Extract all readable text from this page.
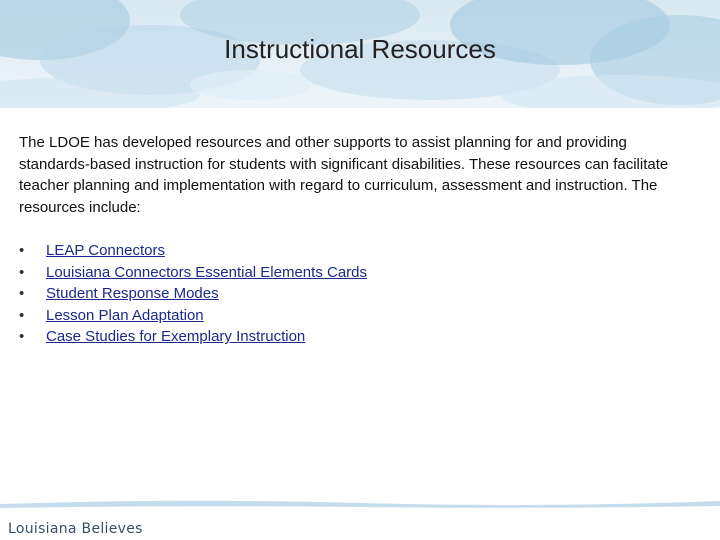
Instructional Resources

The LDOE has developed resources and other supports to assist planning for and providing standards-based instruction for students with significant disabilities. These resources can facilitate teacher planning and implementation with regard to curriculum, assessment and instruction. The resources include:

•	LEAP Connectors
•	Louisiana Connectors Essential Elements Cards
•	Student Response Modes
•	Lesson Plan Adaptation
•	Case Studies for Exemplary Instruction
Louisiana Believes
